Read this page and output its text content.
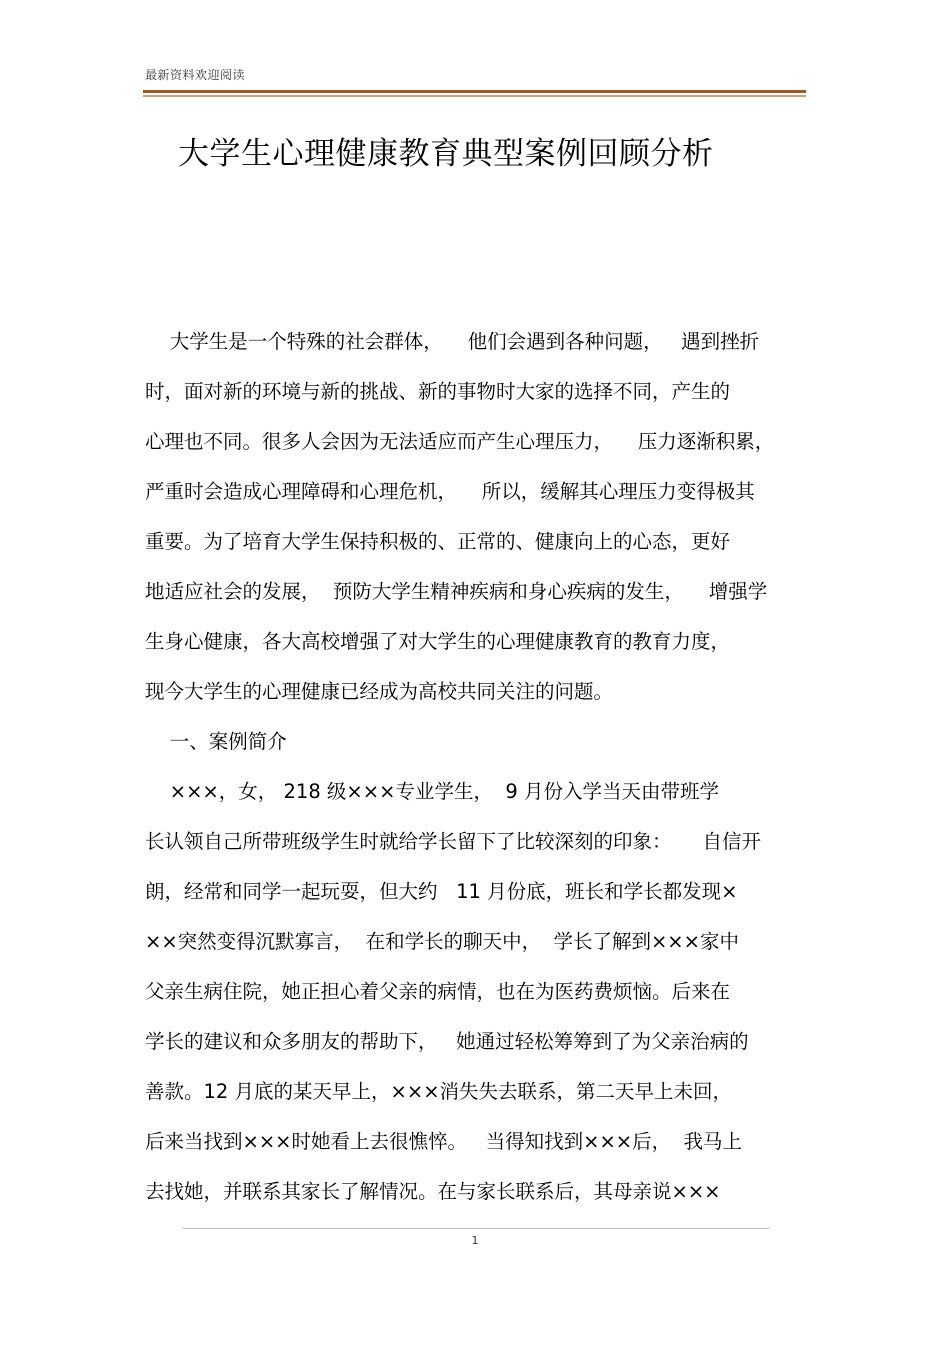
最新资料欢迎阅读
大学生心理健康教育典型案例回顾分析
大学生是一个特殊的社会群体，    他们会遇到各种问题，   遇到挫折
时，面对新的环境与新的挑战、新的事物时大家的选择不同，产生的
心理也不同。很多人会因为无法适应而产生心理压力，    压力逐渐积累，
严重时会造成心理障碍和心理危机，    所以，缓解其心理压力变得极其
重要。为了培育大学生保持积极的、正常的、健康向上的心态，更好
地适应社会的发展，  预防大学生精神疾病和身心疾病的发生，    增强学
生身心健康，各大高校增强了对大学生的心理健康教育的教育力度，
现今大学生的心理健康已经成为高校共同关注的问题。
一、案例简介
×××，女， 218 级×××专业学生，  9 月份入学当天由带班学
长认领自己所带班级学生时就给学长留下了比较深刻的印象：     自信开
朗，经常和同学一起玩耍，但大约   11 月份底，班长和学长都发现×
××突然变得沉默寡言，  在和学长的聊天中，  学长了解到×××家中
父亲生病住院，她正担心着父亲的病情，也在为医药费烦恼。后来在
学长的建议和众多朋友的帮助下，   她通过轻松筹筹到了为父亲治病的
善款。12 月底的某天早上，×××消失失去联系，第二天早上未回，
后来当找到×××时她看上去很憔悴。   当得知找到×××后，  我马上
去找她，并联系其家长了解情况。在与家长联系后，其母亲说×××
1
